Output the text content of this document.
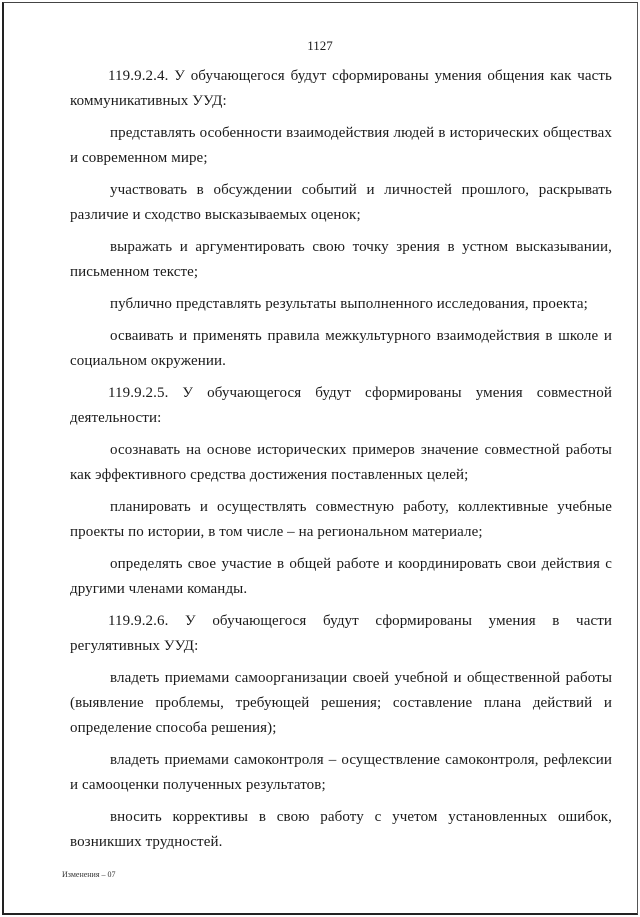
1127

119.9.2.4. У обучающегося будут сформированы умения общения как часть коммуникативных УУД:

представлять особенности взаимодействия людей в исторических обществах и современном мире;

участвовать в обсуждении событий и личностей прошлого, раскрывать различие и сходство высказываемых оценок;

выражать и аргументировать свою точку зрения в устном высказывании, письменном тексте;

публично представлять результаты выполненного исследования, проекта;

осваивать и применять правила межкультурного взаимодействия в школе и социальном окружении.

119.9.2.5. У обучающегося будут сформированы умения совместной деятельности:

осознавать на основе исторических примеров значение совместной работы как эффективного средства достижения поставленных целей;

планировать и осуществлять совместную работу, коллективные учебные проекты по истории, в том числе – на региональном материале;

определять свое участие в общей работе и координировать свои действия с другими членами команды.

119.9.2.6. У обучающегося будут сформированы умения в части регулятивных УУД:

владеть приемами самоорганизации своей учебной и общественной работы (выявление проблемы, требующей решения; составление плана действий и определение способа решения);

владеть приемами самоконтроля – осуществление самоконтроля, рефлексии и самооценки полученных результатов;

вносить коррективы в свою работу с учетом установленных ошибок, возникших трудностей.

Изменения – 07
